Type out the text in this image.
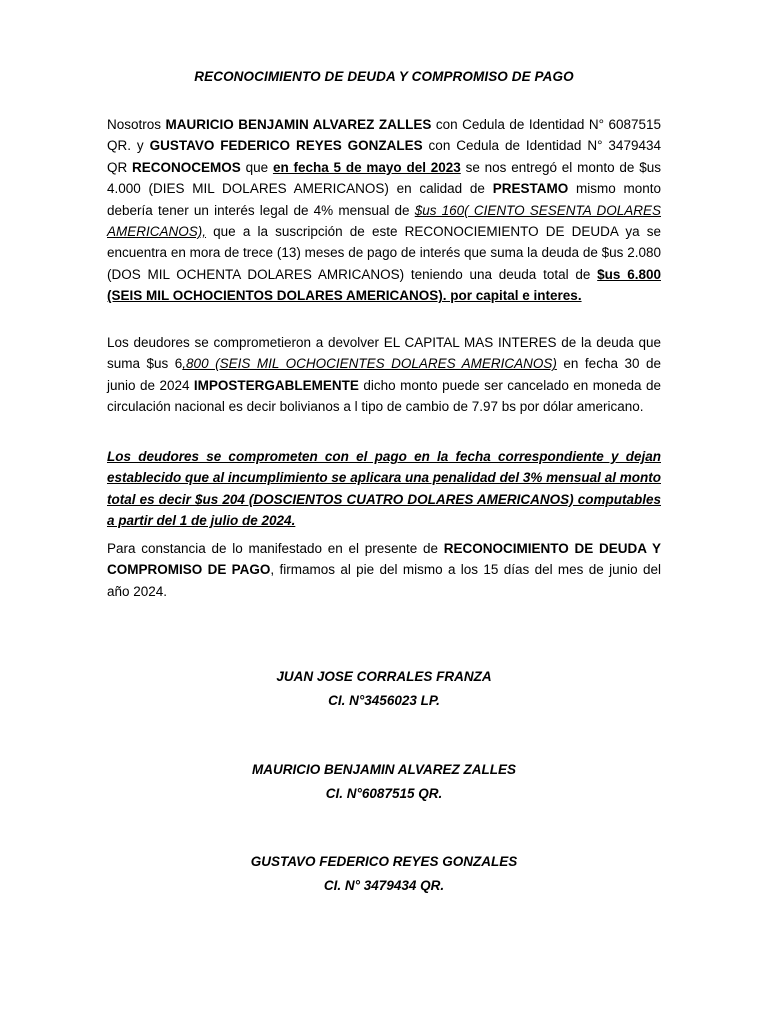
RECONOCIMIENTO DE DEUDA Y COMPROMISO DE PAGO

Nosotros MAURICIO BENJAMIN ALVAREZ ZALLES con Cedula de Identidad N° 6087515 QR. y GUSTAVO FEDERICO REYES GONZALES con Cedula de Identidad N° 3479434 QR RECONOCEMOS que en fecha 5 de mayo del 2023 se nos entregó el monto de $us 4.000 (DIES MIL DOLARES AMERICANOS) en calidad de PRESTAMO mismo monto debería tener un interés legal de 4% mensual de $us 160( CIENTO SESENTA DOLARES AMERICANOS), que a la suscripción de este RECONOCIEMIENTO DE DEUDA ya se encuentra en mora de trece (13) meses de pago de interés que suma la deuda de $us 2.080 (DOS MIL OCHENTA DOLARES AMRICANOS) teniendo una deuda total de $us 6.800 (SEIS MIL OCHOCIENTOS DOLARES AMERICANOS). por capital e interes.

Los deudores se comprometieron a devolver EL CAPITAL MAS INTERES de la deuda que suma $us 6,800 (SEIS MIL OCHOCIENTES DOLARES AMERICANOS) en fecha 30 de junio de 2024 IMPOSTERGABLEMENTE dicho monto puede ser cancelado en moneda de circulación nacional es decir bolivianos a l tipo de cambio de 7.97 bs por dólar americano.

Los deudores se comprometen con el pago en la fecha correspondiente y dejan establecido que al incumplimiento se aplicara una penalidad del 3% mensual al monto total es decir $us 204 (DOSCIENTOS CUATRO DOLARES AMERICANOS) computables a partir del 1 de julio de 2024.

Para constancia de lo manifestado en el presente de RECONOCIMIENTO DE DEUDA Y COMPROMISO DE PAGO, firmamos al pie del mismo a los 15 días del mes de junio del año 2024.

JUAN JOSE CORRALES FRANZA
CI. N°3456023 LP.
MAURICIO BENJAMIN ALVAREZ ZALLES
CI. N°6087515 QR.
GUSTAVO FEDERICO REYES GONZALES
CI. N° 3479434 QR.
